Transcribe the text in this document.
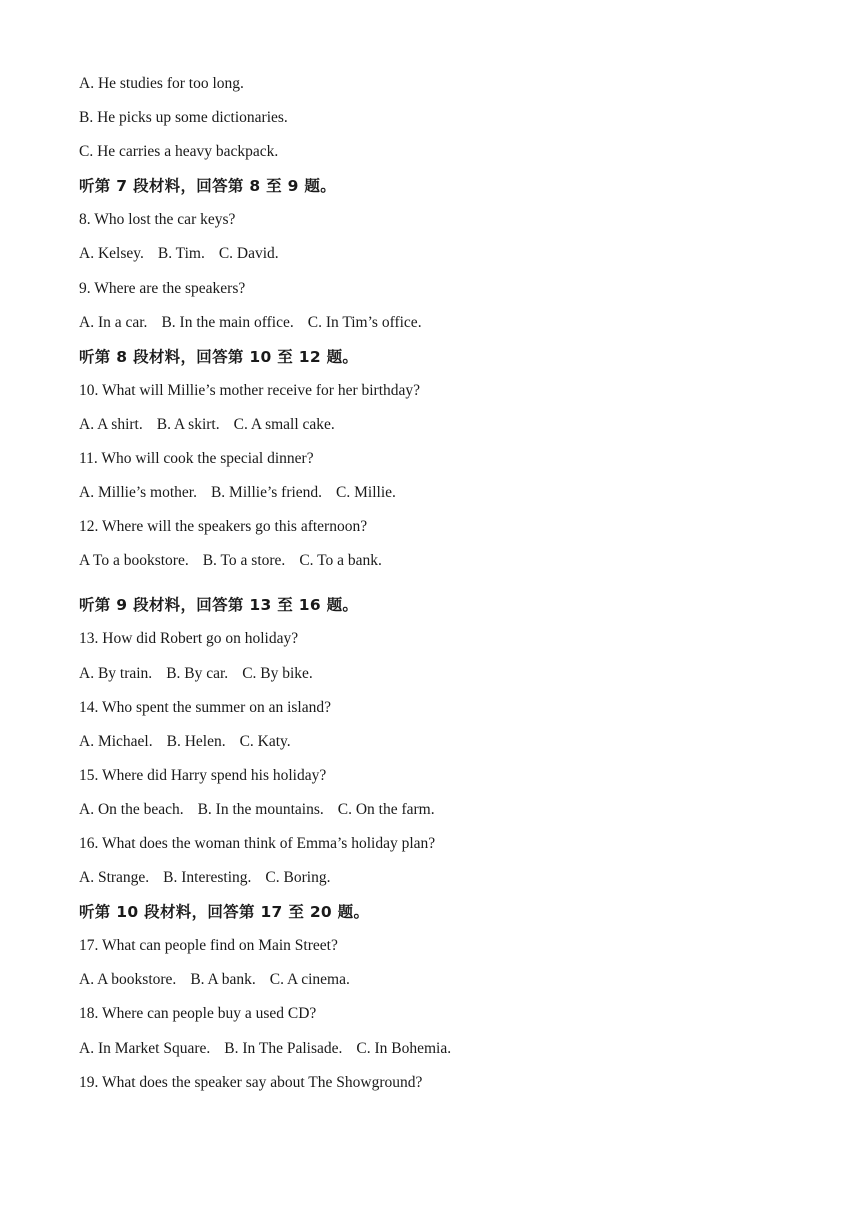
A. He studies for too long.
B. He picks up some dictionaries.
C. He carries a heavy backpack.
听第 7 段材料，回答第 8 至 9 题。
8. Who lost the car keys?
A. Kelsey. B. Tim. C. David.
9. Where are the speakers?
A. In a car. B. In the main office. C. In Tim’s office.
听第 8 段材料，回答第 10 至 12 题。
10. What will Millie’s mother receive for her birthday?
A. A shirt. B. A skirt. C. A small cake.
11. Who will cook the special dinner?
A. Millie’s mother. B. Millie’s friend. C. Millie.
12. Where will the speakers go this afternoon?
A To a bookstore. B. To a store. C. To a bank.
听第 9 段材料，回答第 13 至 16 题。
13. How did Robert go on holiday?
A. By train. B. By car. C. By bike.
14. Who spent the summer on an island?
A. Michael. B. Helen. C. Katy.
15. Where did Harry spend his holiday?
A. On the beach. B. In the mountains. C. On the farm.
16. What does the woman think of Emma’s holiday plan?
A. Strange. B. Interesting. C. Boring.
听第 10 段材料，回答第 17 至 20 题。
17. What can people find on Main Street?
A. A bookstore. B. A bank. C. A cinema.
18. Where can people buy a used CD?
A. In Market Square. B. In The Palisade. C. In Bohemia.
19. What does the speaker say about The Showground?
